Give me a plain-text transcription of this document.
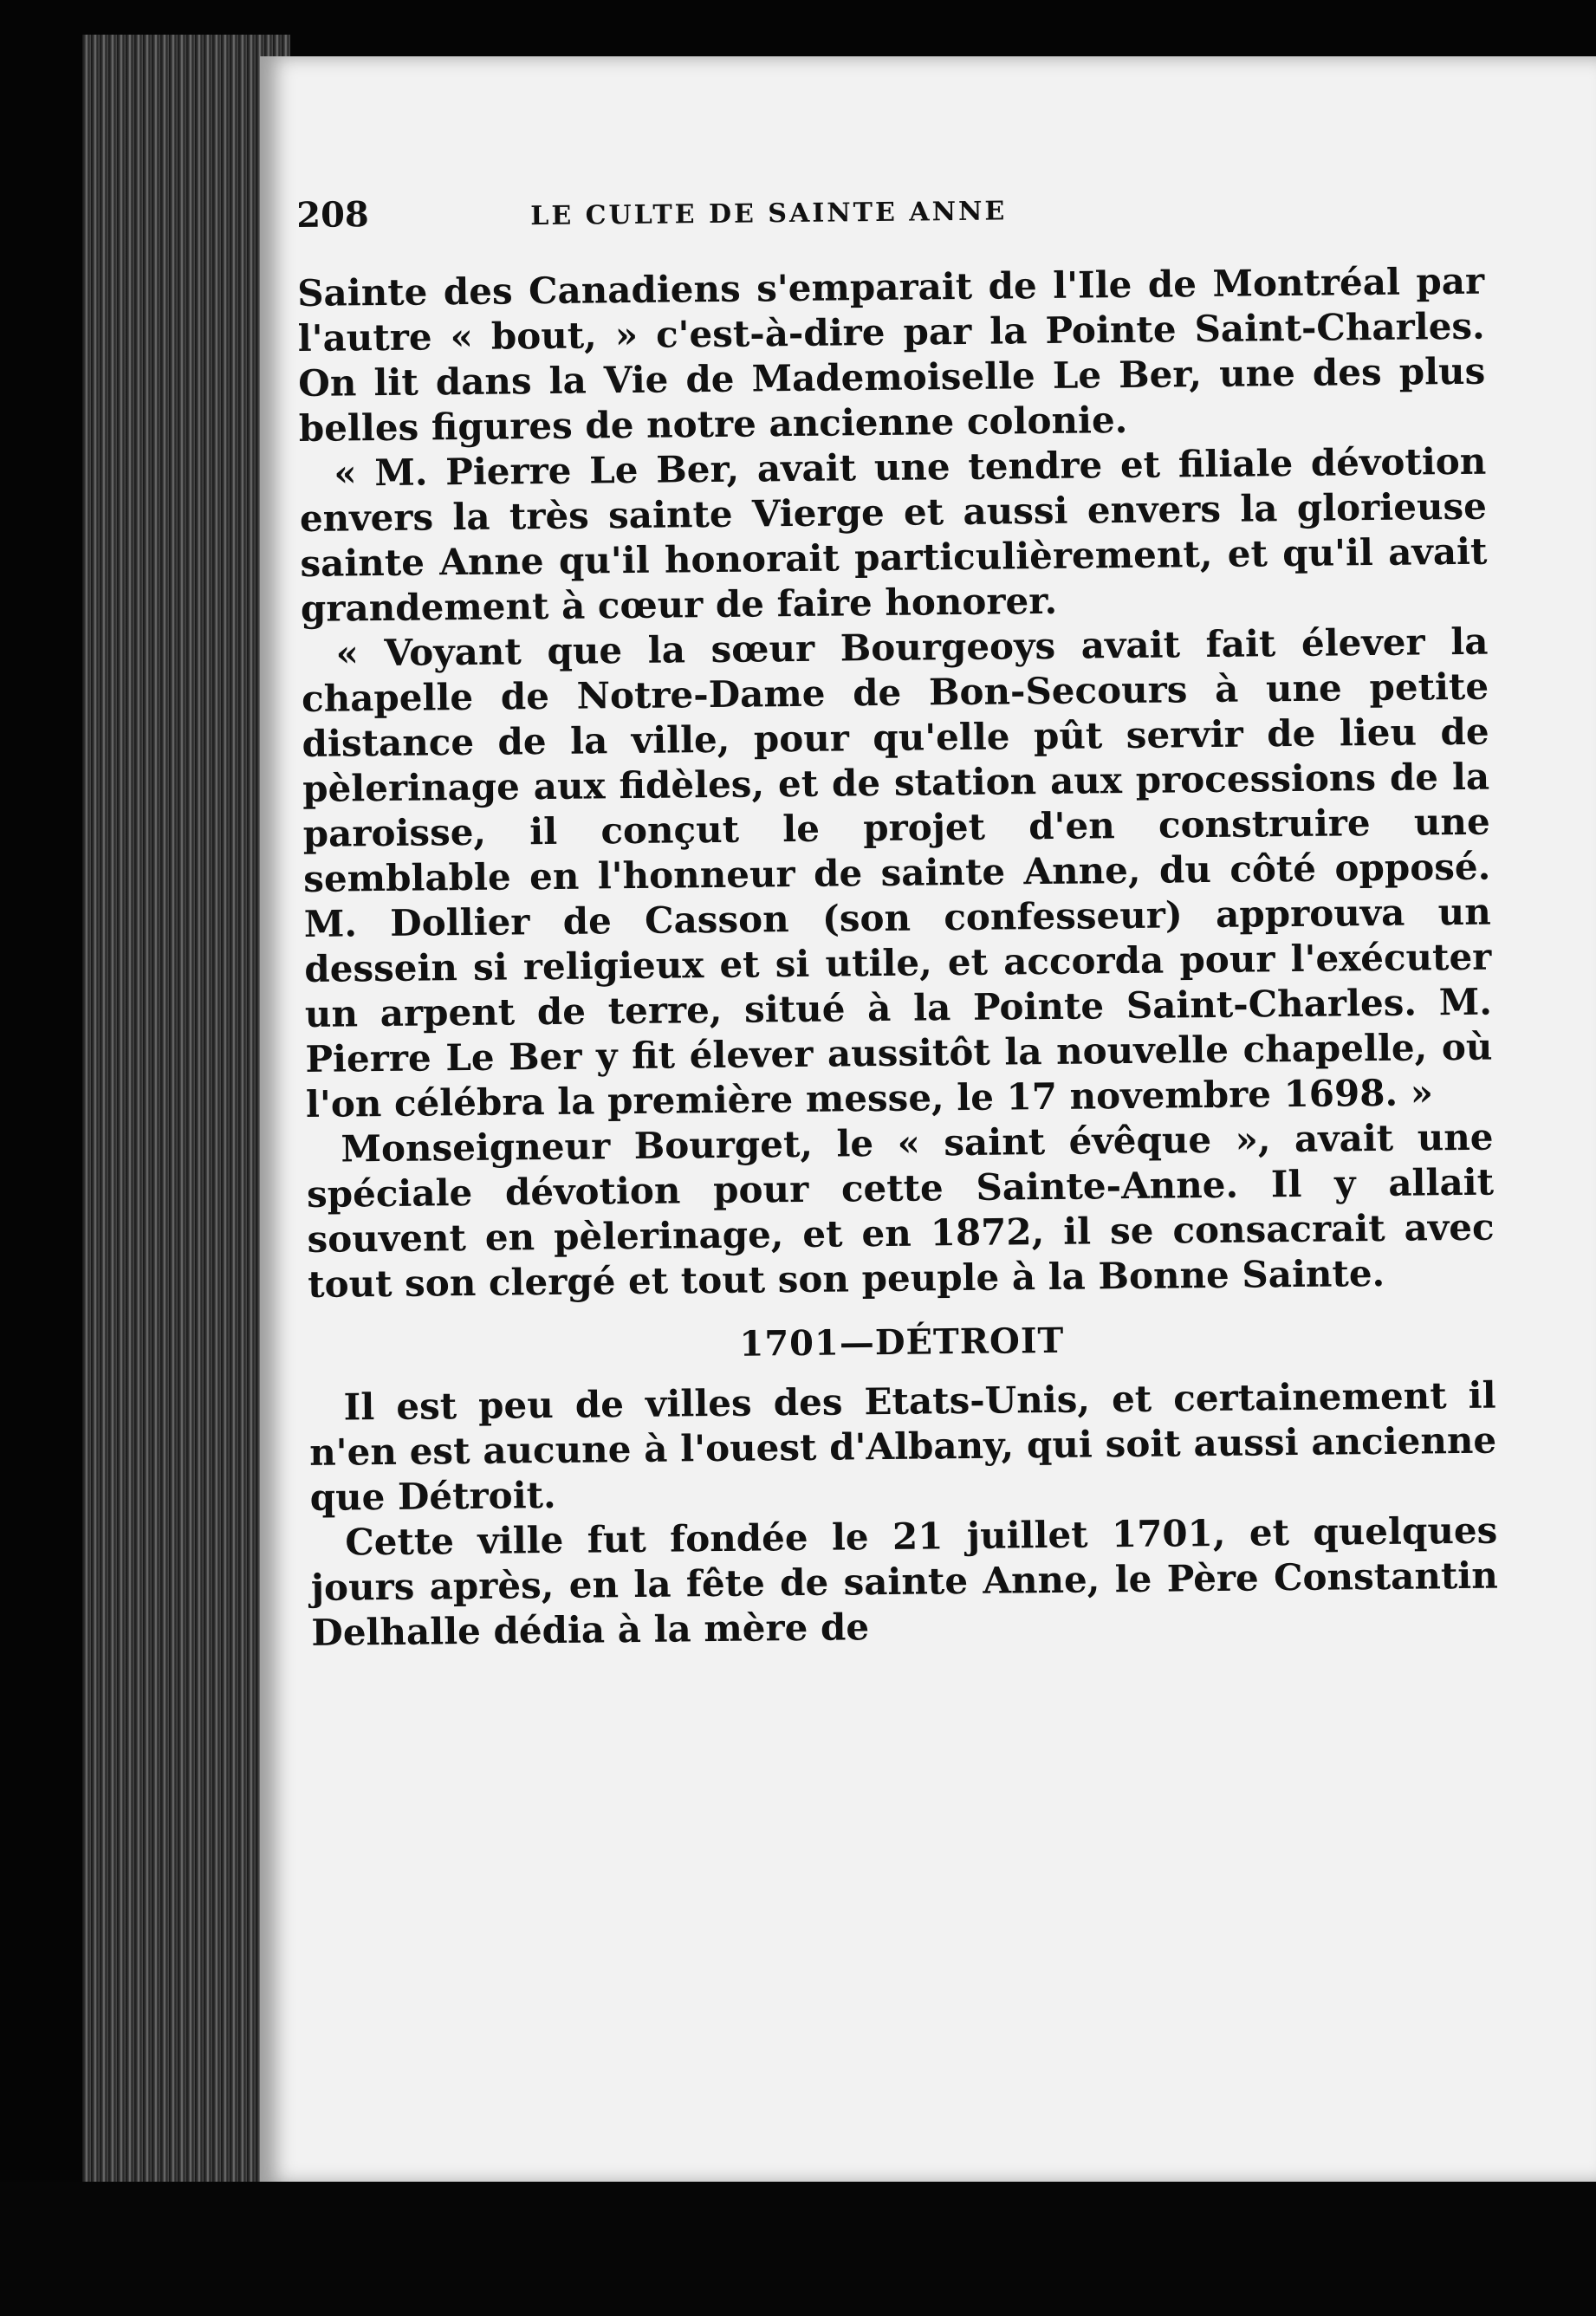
208	LE CULTE DE SAINTE ANNE

Sainte des Canadiens s'emparait de l'Ile de Montréal par l'autre « bout, » c'est-à-dire par la Pointe Saint-Charles. On lit dans la Vie de Mademoiselle Le Ber, une des plus belles figures de notre ancienne colonie.

« M. Pierre Le Ber, avait une tendre et filiale dévotion envers la très sainte Vierge et aussi envers la glorieuse sainte Anne qu'il honorait particulièrement, et qu'il avait grandement à cœur de faire honorer.

« Voyant que la sœur Bourgeoys avait fait élever la chapelle de Notre-Dame de Bon-Secours à une petite distance de la ville, pour qu'elle pût servir de lieu de pèlerinage aux fidèles, et de station aux processions de la paroisse, il conçut le projet d'en construire une semblable en l'honneur de sainte Anne, du côté opposé. M. Dollier de Casson (son confesseur) approuva un dessein si religieux et si utile, et accorda pour l'exécuter un arpent de terre, situé à la Pointe Saint-Charles. M. Pierre Le Ber y fit élever aussitôt la nouvelle chapelle, où l'on célébra la première messe, le 17 novembre 1698. »

Monseigneur Bourget, le « saint évêque », avait une spéciale dévotion pour cette Sainte-Anne. Il y allait souvent en pèlerinage, et en 1872, il se consacrait avec tout son clergé et tout son peuple à la Bonne Sainte.

1701—DÉTROIT

Il est peu de villes des Etats-Unis, et certainement il n'en est aucune à l'ouest d'Albany, qui soit aussi ancienne que Détroit.

Cette ville fut fondée le 21 juillet 1701, et quelques jours après, en la fête de sainte Anne, le Père Constantin Delhalle dédia à la mère de
